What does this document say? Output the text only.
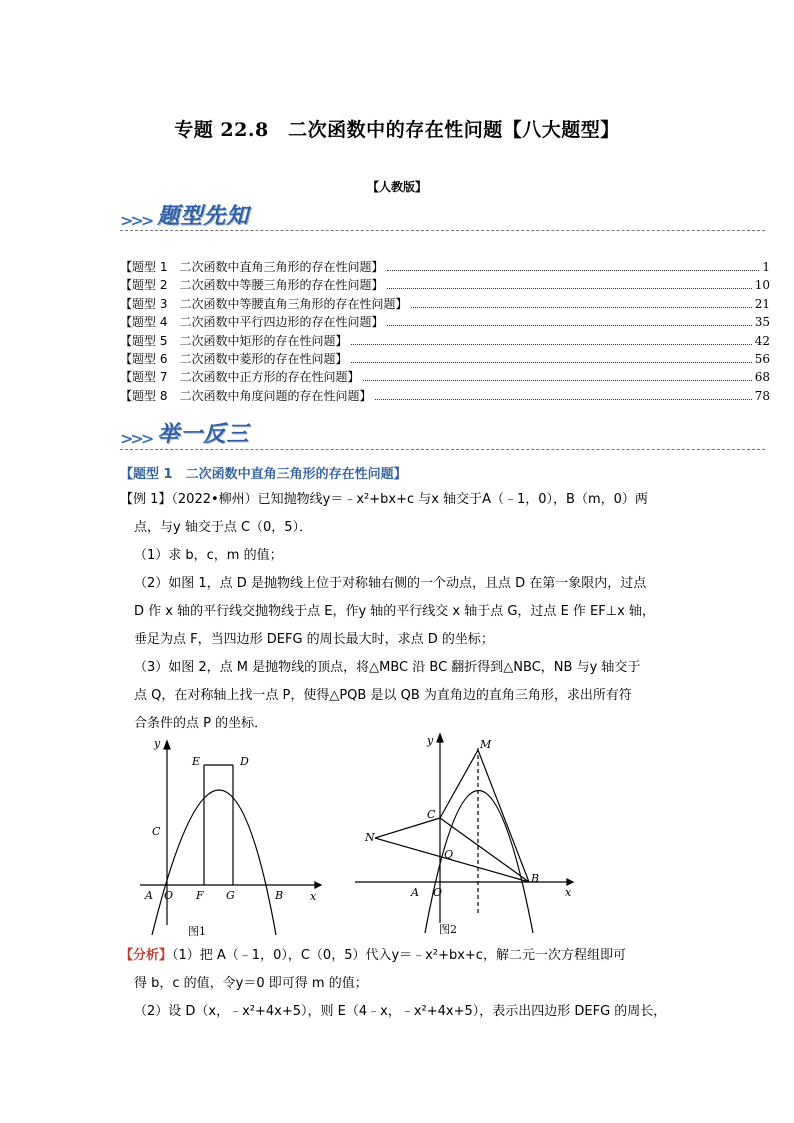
专题 22.8　二次函数中的存在性问题【八大题型】
【人教版】
>>> 题型先知
【题型 1　二次函数中直角三角形的存在性问题】	1
【题型 2　二次函数中等腰三角形的存在性问题】	10
【题型 3　二次函数中等腰直角三角形的存在性问题】	21
【题型 4　二次函数中平行四边形的存在性问题】	35
【题型 5　二次函数中矩形的存在性问题】	42
【题型 6　二次函数中菱形的存在性问题】	56
【题型 7　二次函数中正方形的存在性问题】	68
【题型 8　二次函数中角度问题的存在性问题】	78
>>> 举一反三
【题型 1　二次函数中直角三角形的存在性问题】
【例 1】（2022•柳州）已知抛物线y＝﹣x²+bx+c 与x 轴交于A（﹣1，0），B（m，0）两
点，与y 轴交于点 C（0，5）．
（1）求 b，c，m 的值；
（2）如图 1，点 D 是抛物线上位于对称轴右侧的一个动点，且点 D 在第一象限内，过点
D 作 x 轴的平行线交抛物线于点 E，作y 轴的平行线交 x 轴于点 G，过点 E 作 EF⊥x 轴，
垂足为点 F，当四边形 DEFG 的周长最大时，求点 D 的坐标；
（3）如图 2，点 M 是抛物线的顶点，将△MBC 沿 BC 翻折得到△NBC，NB 与y 轴交于
点 Q，在对称轴上找一点 P，使得△PQB 是以 QB 为直角边的直角三角形，求出所有符
合条件的点 P 的坐标．
y
x
E	D
C
A O F G	B
图1
y
x
M
C
N
Q
A O
B
图2
【分析】（1）把 A（﹣1，0），C（0，5）代入y＝﹣x²+bx+c，解二元一次方程组即可
得 b，c 的值，令y＝0 即可得 m 的值；
（2）设 D（x，﹣x²+4x+5），则 E（4﹣x，﹣x²+4x+5），表示出四边形 DEFG 的周长，
